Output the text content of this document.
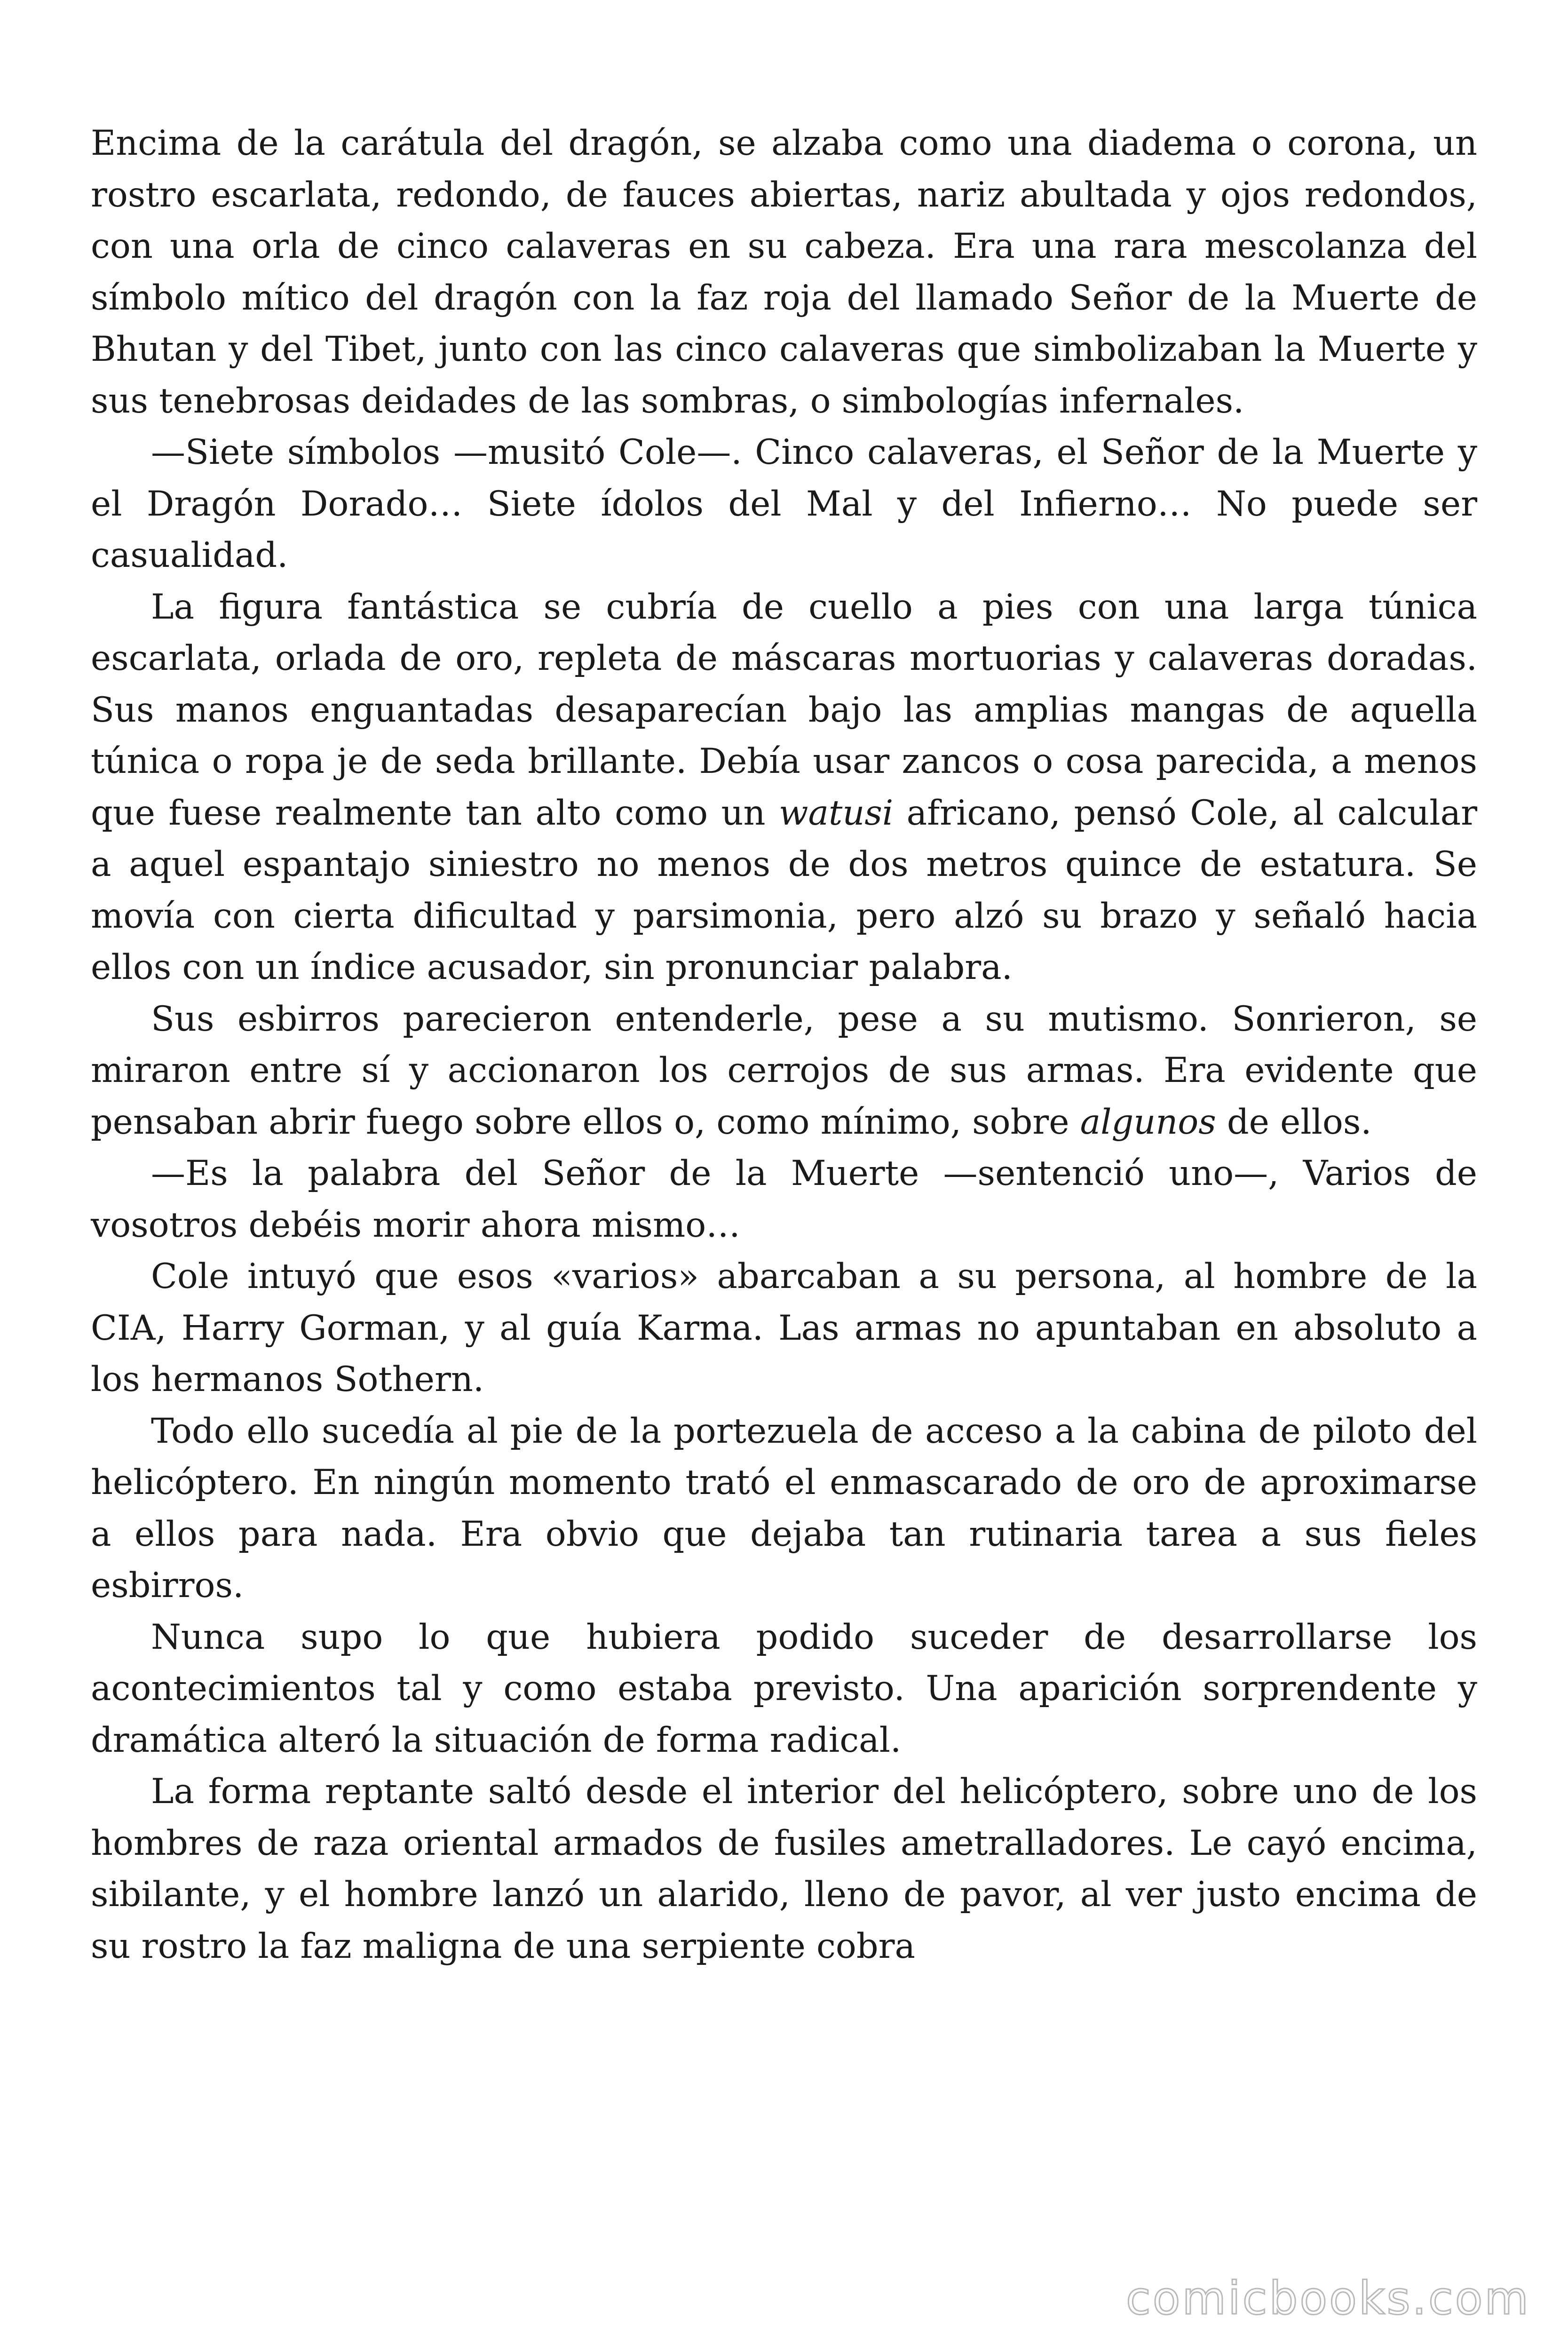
Encima de la carátula del dragón, se alzaba como una diadema o corona, un rostro escarlata, redondo, de fauces abiertas, nariz abultada y ojos redondos, con una orla de cinco calaveras en su cabeza. Era una rara mescolanza del símbolo mítico del dragón con la faz roja del llamado Señor de la Muerte de Bhutan y del Tibet, junto con las cinco calaveras que simbolizaban la Muerte y sus tenebrosas deidades de las sombras, o simbologías infernales.

—Siete símbolos —musitó Cole—. Cinco calaveras, el Señor de la Muerte y el Dragón Dorado… Siete ídolos del Mal y del Infierno… No puede ser casualidad.

La figura fantástica se cubría de cuello a pies con una larga túnica escarlata, orlada de oro, repleta de máscaras mortuorias y calaveras doradas. Sus manos enguantadas desaparecían bajo las amplias mangas de aquella túnica o ropa je de seda brillante. Debía usar zancos o cosa parecida, a menos que fuese realmente tan alto como un watusi africano, pensó Cole, al calcular a aquel espantajo siniestro no menos de dos metros quince de estatura. Se movía con cierta dificultad y parsimonia, pero alzó su brazo y señaló hacia ellos con un índice acusador, sin pronunciar palabra.

Sus esbirros parecieron entenderle, pese a su mutismo. Sonrieron, se miraron entre sí y accionaron los cerrojos de sus armas. Era evidente que pensaban abrir fuego sobre ellos o, como mínimo, sobre algunos de ellos.

—Es la palabra del Señor de la Muerte —sentenció uno—, Varios de vosotros debéis morir ahora mismo…

Cole intuyó que esos «varios» abarcaban a su persona, al hombre de la CIA, Harry Gorman, y al guía Karma. Las armas no apuntaban en absoluto a los hermanos Sothern.

Todo ello sucedía al pie de la portezuela de acceso a la cabina de piloto del helicóptero. En ningún momento trató el enmascarado de oro de aproximarse a ellos para nada. Era obvio que dejaba tan rutinaria tarea a sus fieles esbirros.

Nunca supo lo que hubiera podido suceder de desarrollarse los acontecimientos tal y como estaba previsto. Una aparición sorprendente y dramática alteró la situación de forma radical.

La forma reptante saltó desde el interior del helicóptero, sobre uno de los hombres de raza oriental armados de fusiles ametralladores. Le cayó encima, sibilante, y el hombre lanzó un alarido, lleno de pavor, al ver justo encima de su rostro la faz maligna de una serpiente cobra

comicbooks.com
